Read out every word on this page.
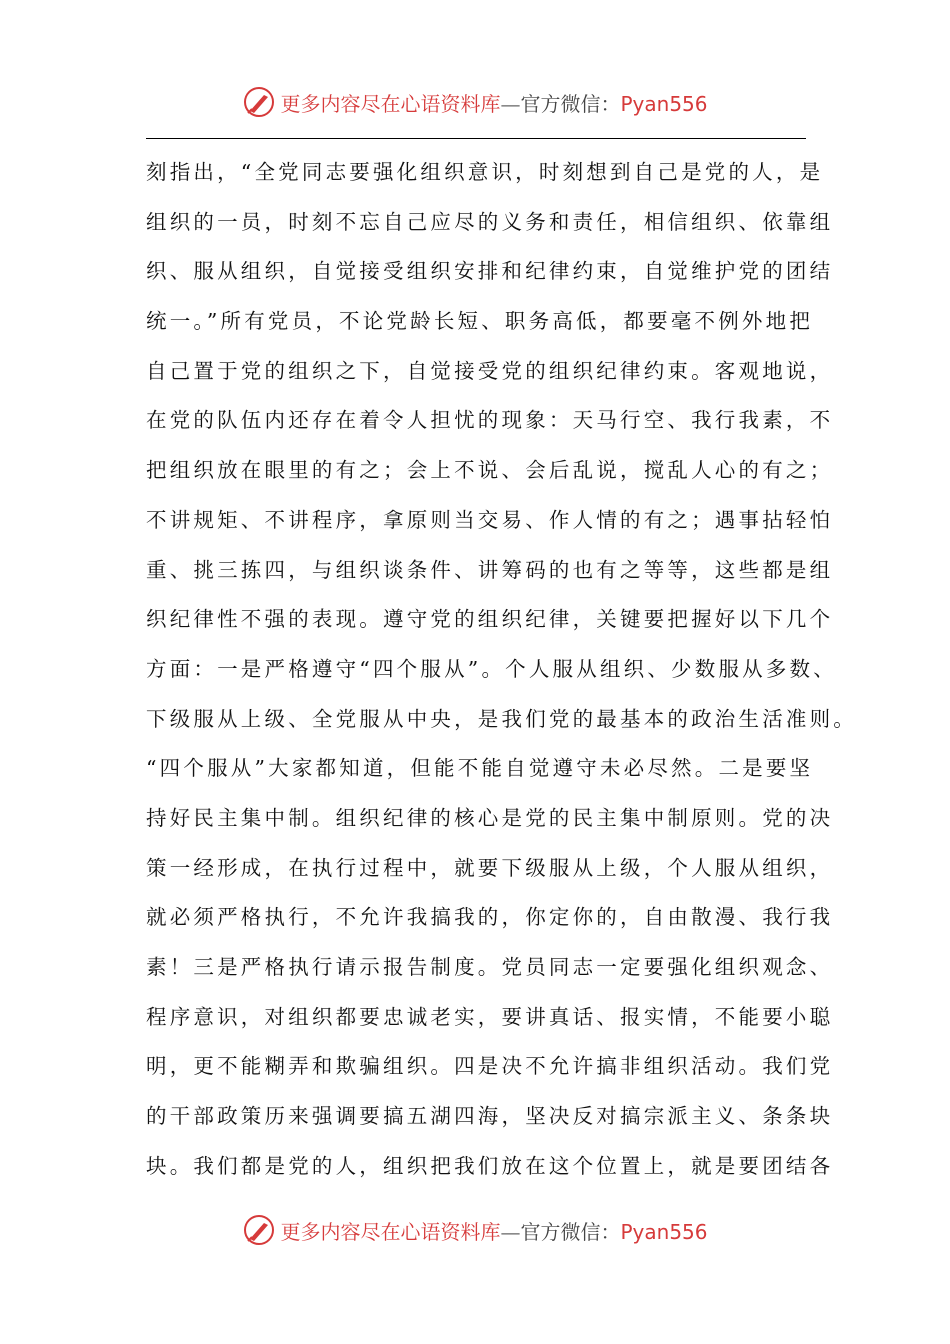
更多内容尽在心语资料库—官方微信：Pyan556
刻指出，“全党同志要强化组织意识，时刻想到自己是党的人，是
组织的一员，时刻不忘自己应尽的义务和责任，相信组织、依靠组
织、服从组织，自觉接受组织安排和纪律约束，自觉维护党的团结
统一。”所有党员，不论党龄长短、职务高低，都要毫不例外地把
自己置于党的组织之下，自觉接受党的组织纪律约束。客观地说，
在党的队伍内还存在着令人担忧的现象：天马行空、我行我素，不
把组织放在眼里的有之；会上不说、会后乱说，搅乱人心的有之；
不讲规矩、不讲程序，拿原则当交易、作人情的有之；遇事拈轻怕
重、挑三拣四，与组织谈条件、讲筹码的也有之等等，这些都是组
织纪律性不强的表现。遵守党的组织纪律，关键要把握好以下几个
方面：一是严格遵守“四个服从”。个人服从组织、少数服从多数、
下级服从上级、全党服从中央，是我们党的最基本的政治生活准则。
“四个服从”大家都知道，但能不能自觉遵守未必尽然。二是要坚
持好民主集中制。组织纪律的核心是党的民主集中制原则。党的决
策一经形成，在执行过程中，就要下级服从上级，个人服从组织，
就必须严格执行，不允许我搞我的，你定你的，自由散漫、我行我
素！三是严格执行请示报告制度。党员同志一定要强化组织观念、
程序意识，对组织都要忠诚老实，要讲真话、报实情，不能要小聪
明，更不能糊弄和欺骗组织。四是决不允许搞非组织活动。我们党
的干部政策历来强调要搞五湖四海，坚决反对搞宗派主义、条条块
块。我们都是党的人，组织把我们放在这个位置上，就是要团结各
更多内容尽在心语资料库—官方微信：Pyan556
